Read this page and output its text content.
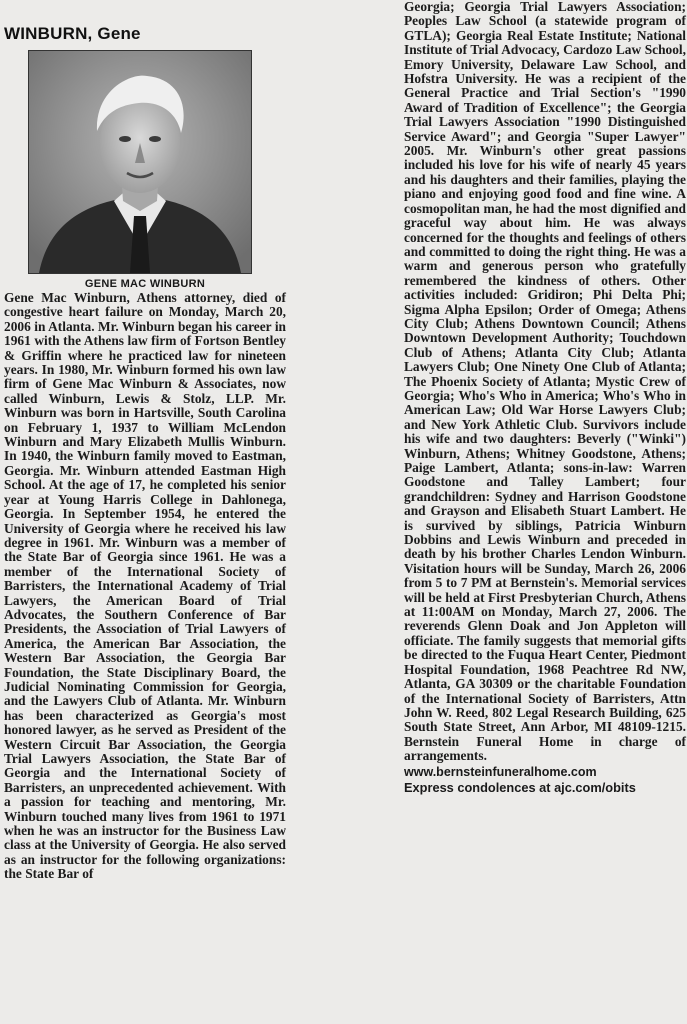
WINBURN, Gene
GENE MAC WINBURN

Gene Mac Winburn, Athens attorney, died of congestive heart failure on Monday, March 20, 2006 in Atlanta. Mr. Winburn began his career in 1961 with the Athens law firm of Fortson Bentley & Griffin where he practiced law for nineteen years. In 1980, Mr. Winburn formed his own law firm of Gene Mac Winburn & Associates, now called Winburn, Lewis & Stolz, LLP. Mr. Winburn was born in Hartsville, South Carolina on February 1, 1937 to William McLendon Winburn and Mary Elizabeth Mullis Winburn. In 1940, the Winburn family moved to Eastman, Georgia. Mr. Winburn attended Eastman High School. At the age of 17, he completed his senior year at Young Harris College in Dahlonega, Georgia. In September 1954, he entered the University of Georgia where he received his law degree in 1961. Mr. Winburn was a member of the State Bar of Georgia since 1961. He was a member of the International Society of Barristers, the International Academy of Trial Lawyers, the American Board of Trial Advocates, the Southern Conference of Bar Presidents, the Association of Trial Lawyers of America, the American Bar Association, the Western Bar Association, the Georgia Bar Foundation, the State Disciplinary Board, the Judicial Nominating Commission for Georgia, and the Lawyers Club of Atlanta. Mr. Winburn has been characterized as Georgia's most honored lawyer, as he served as President of the Western Circuit Bar Association, the Georgia Trial Lawyers Association, the State Bar of Georgia and the International Society of Barristers, an unprecedented achievement. With a passion for teaching and mentoring, Mr. Winburn touched many lives from 1961 to 1971 when he was an instructor for the Business Law class at the University of Georgia. He also served as an instructor for the following organizations: the State Bar of

Georgia; Georgia Trial Lawyers Association; Peoples Law School (a statewide program of GTLA); Georgia Real Estate Institute; National Institute of Trial Advocacy, Cardozo Law School, Emory University, Delaware Law School, and Hofstra University. He was a recipient of the General Practice and Trial Section's "1990 Award of Tradition of Excellence"; the Georgia Trial Lawyers Association "1990 Distinguished Service Award"; and Georgia "Super Lawyer" 2005. Mr. Winburn's other great passions included his love for his wife of nearly 45 years and his daughters and their families, playing the piano and enjoying good food and fine wine. A cosmopolitan man, he had the most dignified and graceful way about him. He was always concerned for the thoughts and feelings of others and committed to doing the right thing. He was a warm and generous person who gratefully remembered the kindness of others. Other activities included: Gridiron; Phi Delta Phi; Sigma Alpha Epsilon; Order of Omega; Athens City Club; Athens Downtown Council; Athens Downtown Development Authority; Touchdown Club of Athens; Atlanta City Club; Atlanta Lawyers Club; One Ninety One Club of Atlanta; The Phoenix Society of Atlanta; Mystic Crew of Georgia; Who's Who in America; Who's Who in American Law; Old War Horse Lawyers Club; and New York Athletic Club. Survivors include his wife and two daughters: Beverly ("Winki") Winburn, Athens; Whitney Goodstone, Athens; Paige Lambert, Atlanta; sons-in-law: Warren Goodstone and Talley Lambert; four grandchildren: Sydney and Harrison Goodstone and Grayson and Elisabeth Stuart Lambert. He is survived by siblings, Patricia Winburn Dobbins and Lewis Winburn and preceded in death by his brother Charles Lendon Winburn. Visitation hours will be Sunday, March 26, 2006 from 5 to 7 PM at Bernstein's. Memorial services will be held at First Presbyterian Church, Athens at 11:00AM on Monday, March 27, 2006. The reverends Glenn Doak and Jon Appleton will officiate. The family suggests that memorial gifts be directed to the Fuqua Heart Center, Piedmont Hospital Foundation, 1968 Peachtree Rd NW, Atlanta, GA 30309 or the charitable Foundation of the International Society of Barristers, Attn John W. Reed, 802 Legal Research Building, 625 South State Street, Ann Arbor, MI 48109-1215. Bernstein Funeral Home in charge of arrangements.

www.bernsteinfuneralhome.com
Express condolences at ajc.com/obits
